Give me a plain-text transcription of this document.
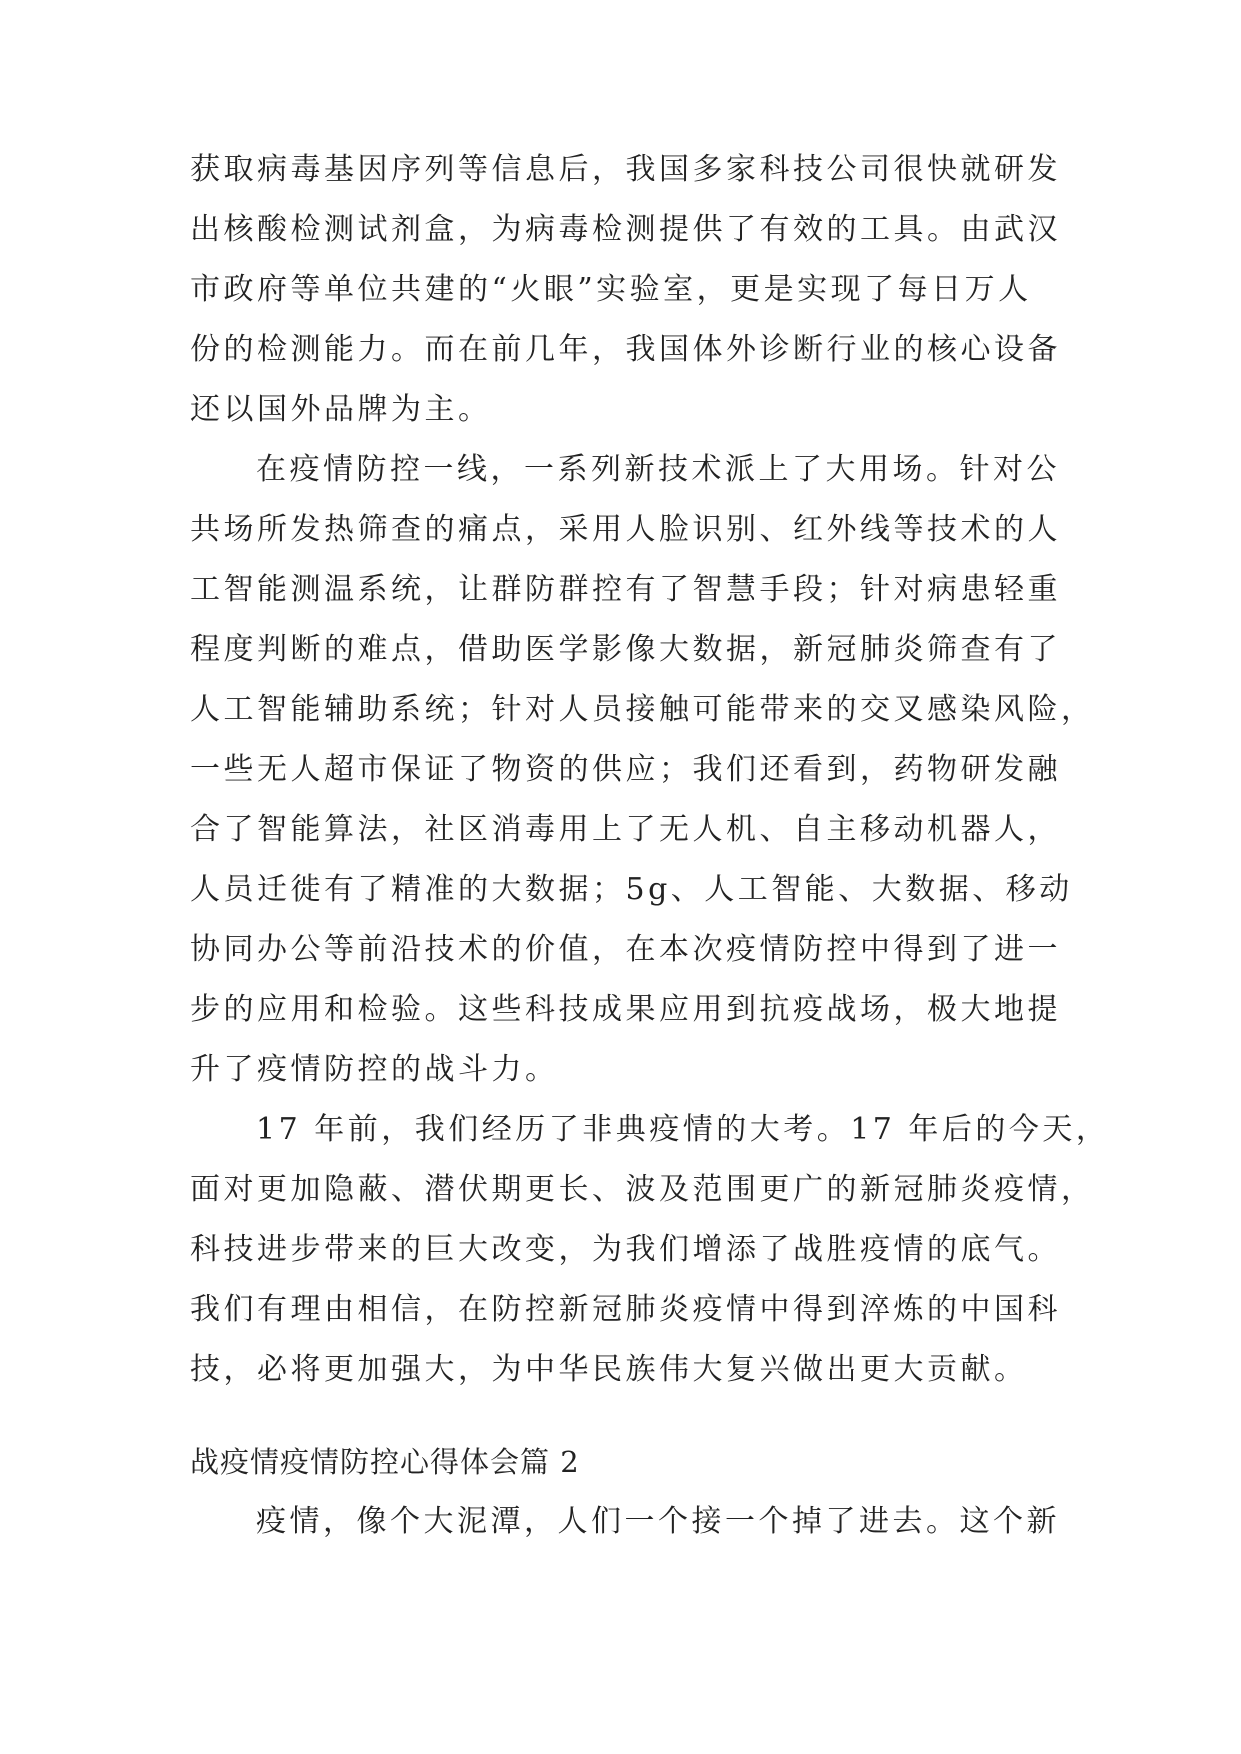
获取病毒基因序列等信息后，我国多家科技公司很快就研发
出核酸检测试剂盒，为病毒检测提供了有效的工具。由武汉
市政府等单位共建的“火眼”实验室，更是实现了每日万人
份的检测能力。而在前几年，我国体外诊断行业的核心设备
还以国外品牌为主。
在疫情防控一线，一系列新技术派上了大用场。针对公
共场所发热筛查的痛点，采用人脸识别、红外线等技术的人
工智能测温系统，让群防群控有了智慧手段；针对病患轻重
程度判断的难点，借助医学影像大数据，新冠肺炎筛查有了
人工智能辅助系统；针对人员接触可能带来的交叉感染风险，
一些无人超市保证了物资的供应；我们还看到，药物研发融
合了智能算法，社区消毒用上了无人机、自主移动机器人，
人员迁徙有了精准的大数据；5g、人工智能、大数据、移动
协同办公等前沿技术的价值，在本次疫情防控中得到了进一
步的应用和检验。这些科技成果应用到抗疫战场，极大地提
升了疫情防控的战斗力。
17 年前，我们经历了非典疫情的大考。17 年后的今天，
面对更加隐蔽、潜伏期更长、波及范围更广的新冠肺炎疫情，
科技进步带来的巨大改变，为我们增添了战胜疫情的底气。
我们有理由相信，在防控新冠肺炎疫情中得到淬炼的中国科
技，必将更加强大，为中华民族伟大复兴做出更大贡献。
战疫情疫情防控心得体会篇 2
疫情，像个大泥潭，人们一个接一个掉了进去。这个新
